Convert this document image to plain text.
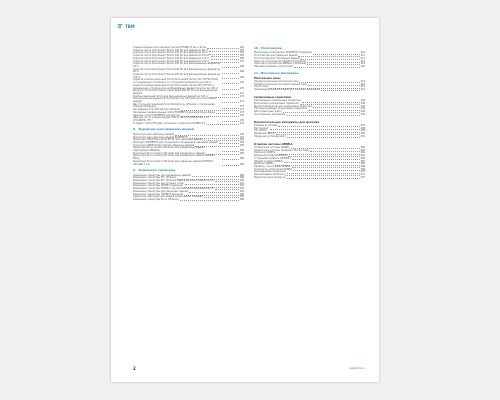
TBM
Соединительная для серии(ые петель ЕТЬДИ 25 мм и 30 мм	161
Скрытая петля Simonswerk Tectus 340 3D для дверей до 80 кг	163
Скрытая петля Simonswerk Tectus 340 3D для дверей до 80 кг	164
Скрытая петля Simonswerk Tectus 540 3D для дверей до 100 кг	165
Скрытая петля Simonswerk Tectus 540 3D для дверей до 120 кг	166
Скрытая петля Simonswerk Tectus 640 3D для дверей до 200 кг	167
Скрытая петля Simonswerk Tectus 340 3D для фальцованных дверей до 40 кг	168
Скрытая петля Simonswerk Tectus 540 3D для фальцованных дверей до 60 кг	169
Скрытая петля Simonswerk Tectus 640 3D для фальцованных дверей до 100 кг	169
Скрытая компенсационная петля Simonswerk Tectus 311 3D FVZ 60-84 со скрываемым стопором и со стопорным механизмом до 100 кг	170
Скрытая компенсационная петля Simonswerk Tectus 640 3D FVZ со скрываемым стопором для необрамлённых дверей полотна до 100 кг	170
Врезная: петля Simonswerk серии BAKA 600 3D FD для фальцованных дверей	171
Компенсационная петля для фальцованных дверей до 100 кг	172
Монтажные/накладные петли Marigit Luxy (Италия) для стеклянных дверей	172
Двусторонняя приемная петля Marigit Luxy (Италия) с положением позиционирования	173
Накладные петли Marigit Duo (Италия)	173
Накладные универсальные петли ELEMENTIS для волетов на фрезу	174
Дверные петли ELEMENTIS для болтов	175
Дверная петля универсальная HTN 04 для (TEX/PPRO/100 X 5?) (ZYLINDER / ET)	176
Угловая стойка ETLayBa усиленная с отделкой OTLUBET 13	176
8. Фурнитура для сдвижных дверей
Фурнитура для сдвижных дверей	178
Фурнитура для сдвижных дверей ELEMENTIS	179
Фурнитура HEDE ROLLAN 80 ВК ВГ для сдвижных дверей	181
Комплект ELEMENTIS для синхронного открывания сдвижных дверей	182
Фурнитура HEDE Portos 140 для сдвижных дверей	183
Фурнитура Eroco Sodano (Италия) для раздвижных дверей-перегородок SINGRAG	184
Фурнитура Eroco Sodano (Италия) для раздвижных дверей	185
Фурнитура Eroco Sodano (Италия) для раздвижных дверей SLIDING Marig	186
Фурнитура Eroco Sodano (Италия) для сдвижных дверей SIDEWAY Пятнаба 2 1/5	187
9. Комплекты гарнитуры
Изменение гарнитуры для раздвижных дверей	188
Изменение гарнитуры EFY (Италия)	189
Изменение гарнитуры EFY (Италия) Сдвижная для углобритиских	190
Изменение гарнитуры для угловых углов	201
Изменение гарнитуры HOPPE (Германия)	202
Изменение гарнитуры HOPPE в чистой бронтеля крепления без 5?	204
Изменение гарнитуры для наружных дверей	205
Изменение гарнитуры HOPPE (Германия)	206
Сдвижные гарнитуры для дверей заключённой площади	206
Изменение гарнитуры Eroco (Италия)	208
10. Уплотнители
Монтажные уплотнители SEVERTEK (Германия)	210
Уплотнитель для сдвижных дверей	211
Уплотнитель для стеклянных дверей	212
Порогово уплотнитель DRAIFIX (Германия)	213
Порогово уплотнитель SBERGA (Германия)	219
Противопожарные уплотнители	220
11. Монтажные материалы
Монтажные пены
Профессиональная монтажная пена	213
Профессиональная противопожарная пена	214
Очистители	215
Очищающие салфетки Sealit для монтажа напыления	219
Силиконовые герметики
Нейтральные силиконовые герметики	236
Монтажные силиконовые герметики	238
Высокотемпературные силиконовые герметики	241
Противопожарные силиконовые герметики	243
Для отделочных работ	244
Грунтовочные материалы	245
Вспомогательные материалы для монтажа
Клеевая втулочная	247
Инструмент	249
Пистолеты	249
Малярные ленты	250
Продукция установочного	251
Отделки системы GENELL
Отделочные системы GENELL	262
Отделочные системы профиля ( PK-текстиль)	262
Наличник GENELL	264
Доборный профиль GENELL	264
С торцевой профиль (GENELL)	266
Прямой угловой GENELL	267
Дообрка GENELL	268
Профиль с выступами GENELL	268
Комплекты уплотнения GENELL	269
Оцинкованная продукция	270
Декоративные элементы	271
Маркетинговые продукты	272
2	www.tbm.ru
